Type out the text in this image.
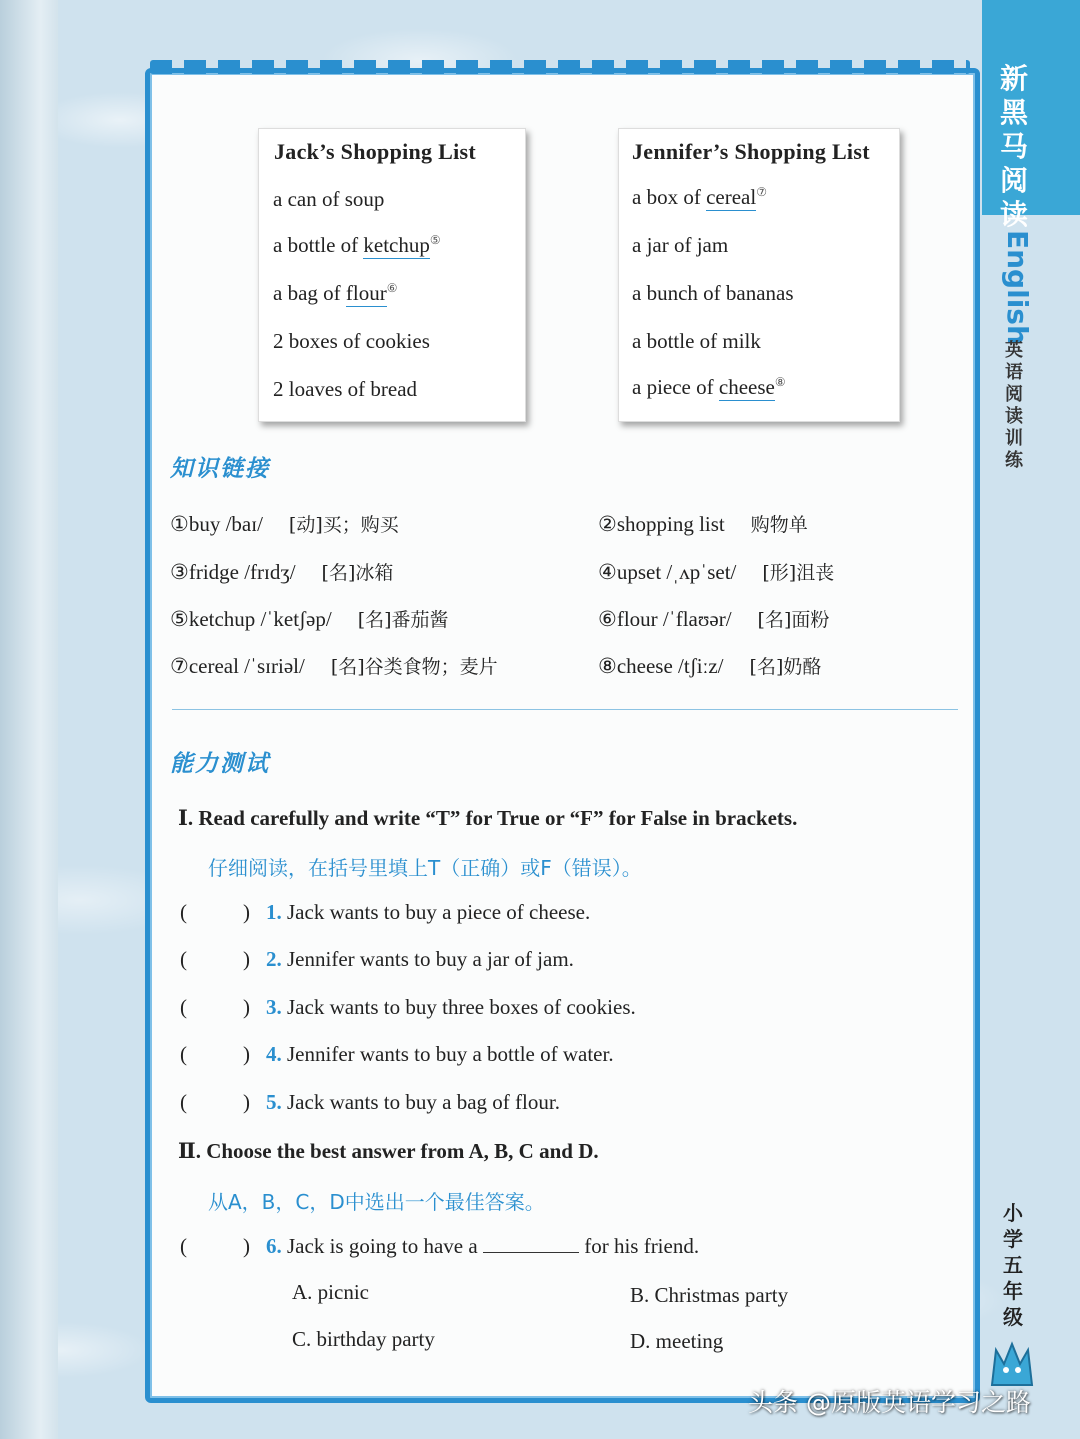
新
黑
马
阅
读
English
英
语
阅
读
训
练
小
学
五
年
级
Jack’s Shopping List
a can of soup
a bottle of ketchup⑤
a bag of flour⑥
2 boxes of cookies
2 loaves of bread
Jennifer’s Shopping List
a box of cereal⑦
a jar of jam
a bunch of bananas
a bottle of milk
a piece of cheese⑧
知识链接
①buy /baɪ/ [动]买；购买	②shopping list 购物单
③fridge /frɪdʒ/ [名]冰箱	④upset /ˌʌpˈset/ [形]沮丧
⑤ketchup /ˈketʃəp/ [名]番茄酱	⑥flour /ˈflaʊər/ [名]面粉
⑦cereal /ˈsɪriəl/ [名]谷类食物；麦片	⑧cheese /tʃiːz/ [名]奶酪
能力测试
Ⅰ. Read carefully and write “T” for True or “F” for False in brackets.
仔细阅读，在括号里填上T（正确）或F（错误）。
(	) 1. Jack wants to buy a piece of cheese.
(	) 2. Jennifer wants to buy a jar of jam.
(	) 3. Jack wants to buy three boxes of cookies.
(	) 4. Jennifer wants to buy a bottle of water.
(	) 5. Jack wants to buy a bag of flour.
Ⅱ. Choose the best answer from A, B, C and D.
从A，B，C，D中选出一个最佳答案。
(	) 6. Jack is going to have a	for his friend.
A. picnic	B. Christmas party
C. birthday party	D. meeting
头条 @原版英语学习之路
